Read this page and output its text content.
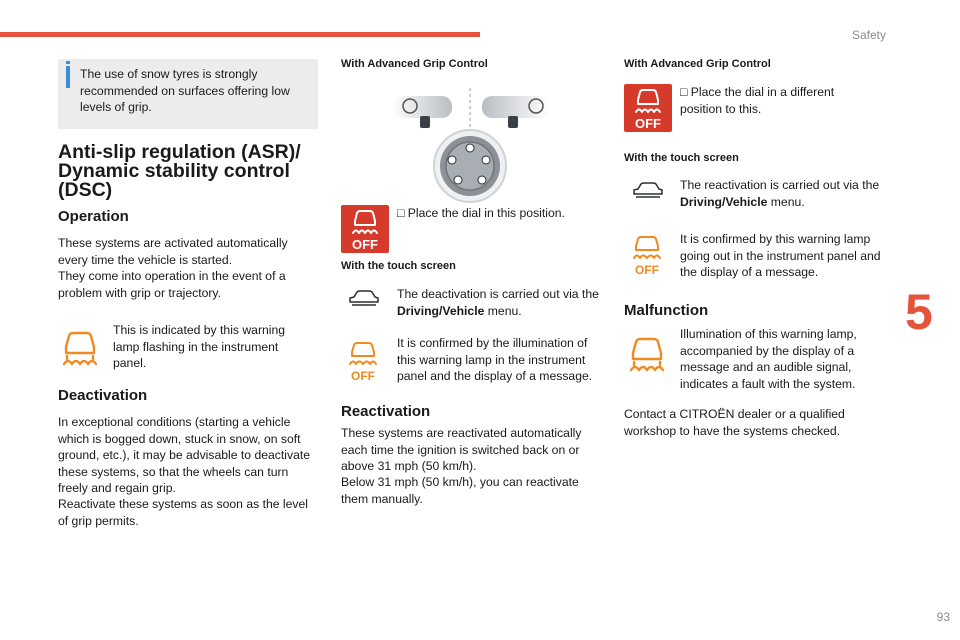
Safety
The use of snow tyres is strongly recommended on surfaces offering low levels of grip.
Anti-slip regulation (ASR)/ Dynamic stability control (DSC)
Operation
These systems are activated automatically every time the vehicle is started.
They come into operation in the event of a problem with grip or trajectory.
This is indicated by this warning lamp flashing in the instrument panel.
Deactivation
In exceptional conditions (starting a vehicle which is bogged down, stuck in snow, on soft ground, etc.), it may be advisable to deactivate these systems, so that the wheels can turn freely and regain grip.
Reactivate these systems as soon as the level of grip permits.
With Advanced Grip Control
OFF
□ Place the dial in this position.
With the touch screen
The deactivation is carried out via the Driving/Vehicle menu.
OFF
It is confirmed by the illumination of this warning lamp in the instrument panel and the display of a message.
Reactivation
These systems are reactivated automatically each time the ignition is switched back on or above 31 mph (50 km/h).
Below 31 mph (50 km/h), you can reactivate them manually.
With Advanced Grip Control
OFF
□ Place the dial in a different position to this.
With the touch screen
The reactivation is carried out via the Driving/Vehicle menu.
OFF
It is confirmed by this warning lamp going out in the instrument panel and the display of a message.
Malfunction
Illumination of this warning lamp, accompanied by the display of a message and an audible signal, indicates a fault with the system.
Contact a CITROËN dealer or a qualified workshop to have the systems checked.
5
93
